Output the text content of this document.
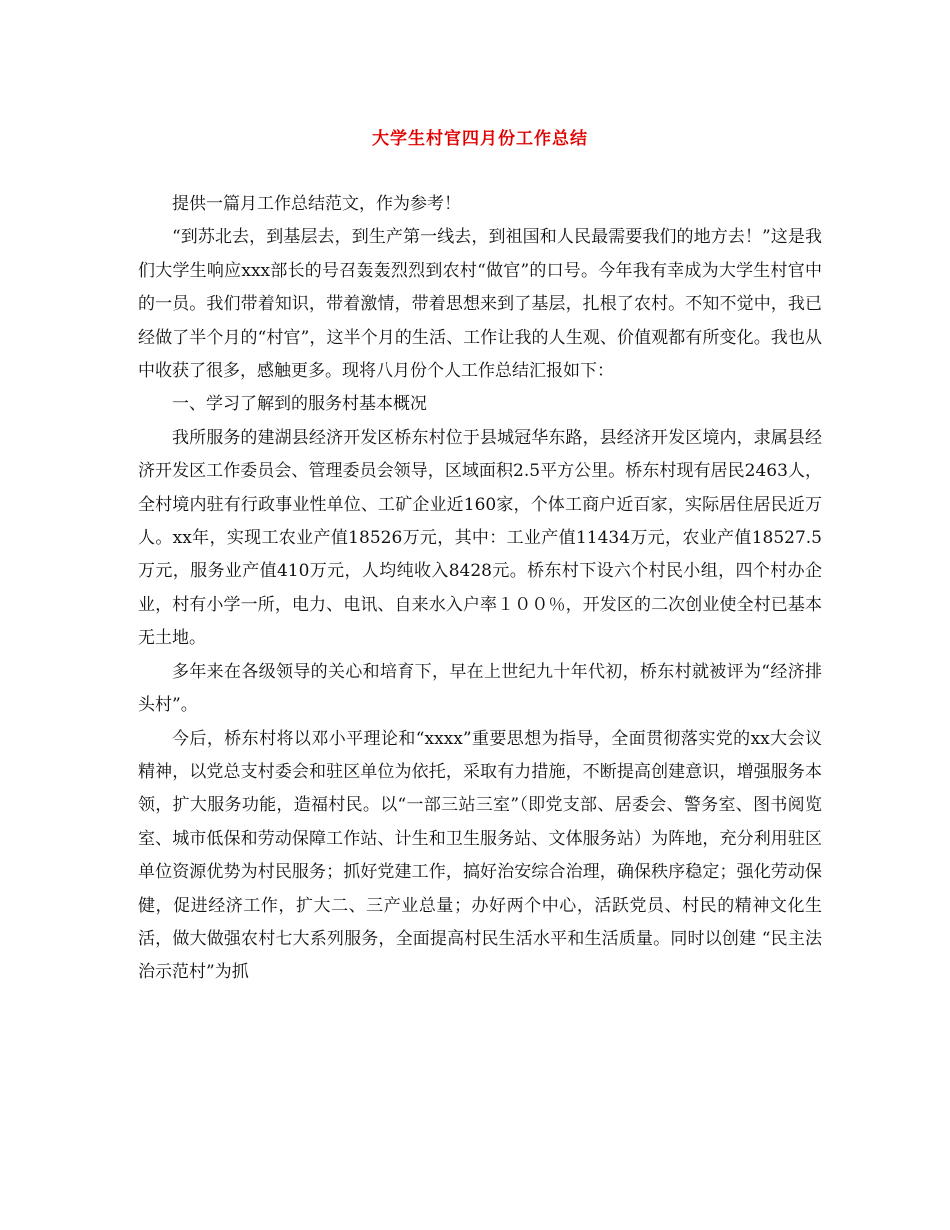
大学生村官四月份工作总结

提供一篇月工作总结范文，作为参考！

“到苏北去，到基层去，到生产第一线去，到祖国和人民最需要我们的地方去！”这是我们大学生响应xxx部长的号召轰轰烈烈到农村“做官”的口号。今年我有幸成为大学生村官中的一员。我们带着知识，带着激情，带着思想来到了基层，扎根了农村。不知不觉中，我已经做了半个月的“村官”，这半个月的生活、工作让我的人生观、价值观都有所变化。我也从中收获了很多，感触更多。现将八月份个人工作总结汇报如下：

一、学习了解到的服务村基本概况

我所服务的建湖县经济开发区桥东村位于县城冠华东路，县经济开发区境内，隶属县经济开发区工作委员会、管理委员会领导，区域面积2.5平方公里。桥东村现有居民2463人，全村境内驻有行政事业性单位、工矿企业近160家，个体工商户近百家，实际居住居民近万人。xx年，实现工农业产值18526万元，其中：工业产值11434万元，农业产值18527.5万元，服务业产值410万元，人均纯收入8428元。桥东村下设六个村民小组，四个村办企业，村有小学一所，电力、电讯、自来水入户率１００％，开发区的二次创业使全村已基本无土地。

多年来在各级领导的关心和培育下，早在上世纪九十年代初，桥东村就被评为“经济排头村”。

今后，桥东村将以邓小平理论和“xxxx”重要思想为指导，全面贯彻落实党的xx大会议精神，以党总支村委会和驻区单位为依托，采取有力措施，不断提高创建意识，增强服务本领，扩大服务功能，造福村民。以“一部三站三室”（即党支部、居委会、警务室、图书阅览室、城市低保和劳动保障工作站、计生和卫生服务站、文体服务站）为阵地，充分利用驻区单位资源优势为村民服务；抓好党建工作，搞好治安综合治理，确保秩序稳定；强化劳动保健，促进经济工作，扩大二、三产业总量；办好两个中心，活跃党员、村民的精神文化生活，做大做强农村七大系列服务，全面提高村民生活水平和生活质量。同时以创建 “民主法治示范村”为抓
